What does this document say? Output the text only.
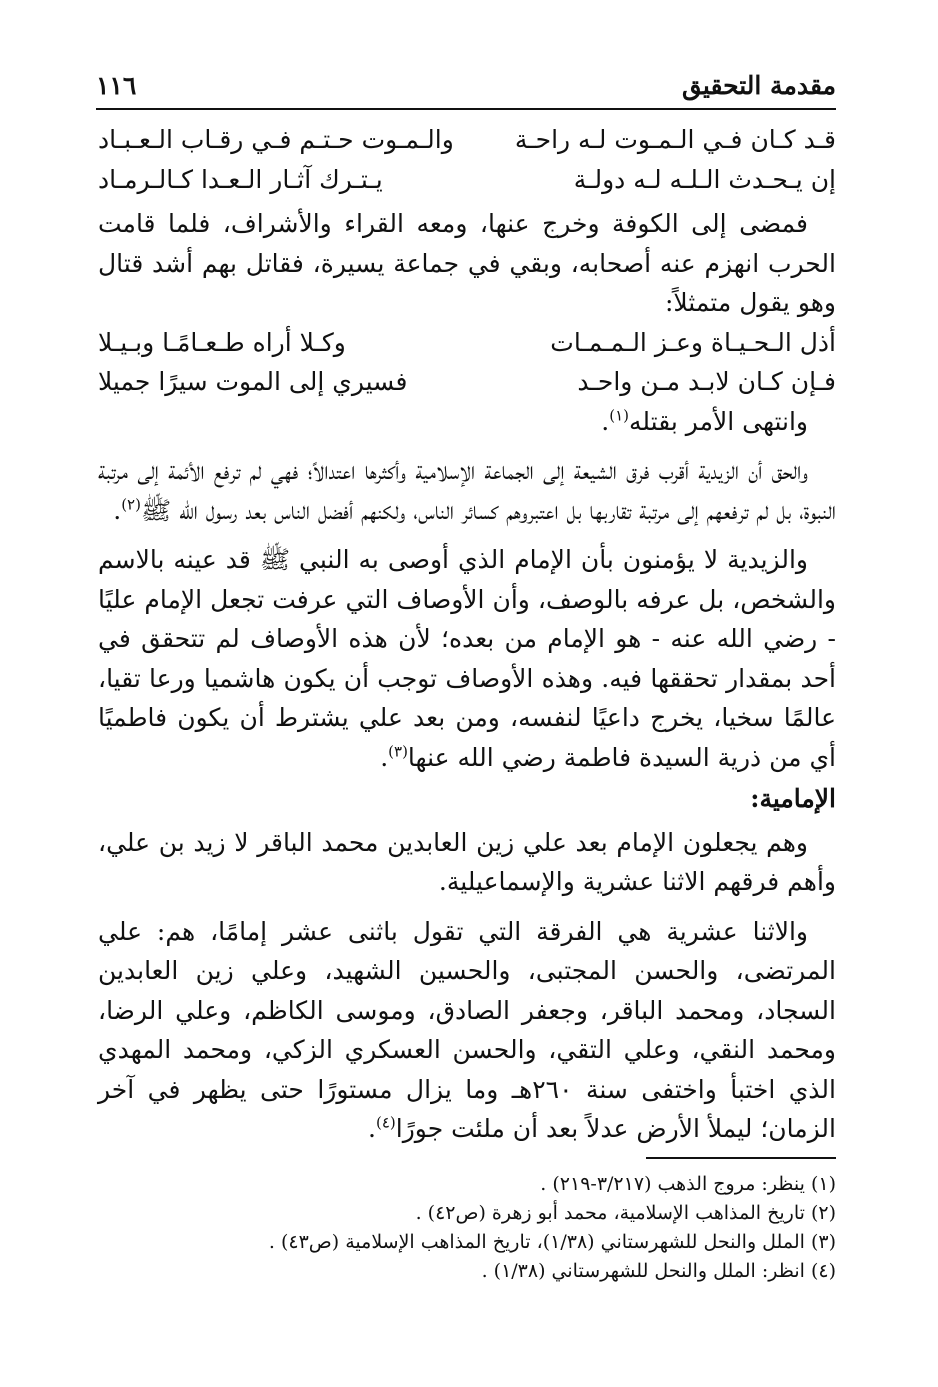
١١٦	مقدمة التحقيق
قـد كـان فـي الـمـوت لـه راحـة
والـمـوت حـتـم فـي رقـاب الـعـبـاد
إن يـحـدث الـلـه لـه دولـة
يـتـرك آثـار الـعـدا كـالـرمـاد

فمضى إلى الكوفة وخرج عنها، ومعه القراء والأشراف، فلما قامت الحرب انهزم عنه أصحابه، وبقي في جماعة يسيرة، فقاتل بهم أشد قتال وهو يقول متمثلاً:

أذل الـحـيـاة وعـز الـمـمـات
وكـلا أراه طـعـامًـا وبـيـلا
فـإن كـان لابـد مـن واحـد
فسيري إلى الموت سيرًا جميلا

وانتهى الأمر بقتله$^{(١)}$.

والحق أن الزيدية أقرب فرق الشيعة إلى الجماعة الإسلامية وأكثرها اعتدالاً؛ فهي لم ترفع الأئمة إلى مرتبة النبوة، بل لم ترفعهم إلى مرتبة تقاربها بل اعتبروهم كسائر الناس، ولكنهم أفضل الناس بعد رسول الله ﷺ$^{(٢)}$.

والزيدية لا يؤمنون بأن الإمام الذي أوصى به النبي ﷺ قد عينه بالاسم والشخص، بل عرفه بالوصف، وأن الأوصاف التي عرفت تجعل الإمام عليًا - رضي الله عنه - هو الإمام من بعده؛ لأن هذه الأوصاف لم تتحقق في أحد بمقدار تحققها فيه. وهذه الأوصاف توجب أن يكون هاشميا ورعا تقيا، عالمًا سخيا، يخرج داعيًا لنفسه، ومن بعد علي يشترط أن يكون فاطميًا أي من ذرية السيدة فاطمة رضي الله عنها$^{(٣)}$.

الإمامية:

وهم يجعلون الإمام بعد علي زين العابدين محمد الباقر لا زيد بن علي، وأهم فرقهم الاثنا عشرية والإسماعيلية.

والاثنا عشرية هي الفرقة التي تقول باثنى عشر إمامًا، هم: علي المرتضى، والحسن المجتبى، والحسين الشهيد، وعلي زين العابدين السجاد، ومحمد الباقر، وجعفر الصادق، وموسى الكاظم، وعلي الرضا، ومحمد النقي، وعلي التقي، والحسن العسكري الزكي، ومحمد المهدي الذي اختبأ واختفى سنة ٢٦٠هـ وما يزال مستورًا حتى يظهر في آخر الزمان؛ ليملأ الأرض عدلاً بعد أن ملئت جورًا$^{(٤)}$.

(١) ينظر: مروج الذهب (٣/٢١٧-٢١٩) .
(٢) تاريخ المذاهب الإسلامية، محمد أبو زهرة (ص٤٢) .
(٣) الملل والنحل للشهرستاني (١/٣٨)، تاريخ المذاهب الإسلامية (ص٤٣) .
(٤) انظر: الملل والنحل للشهرستاني (١/٣٨) .
